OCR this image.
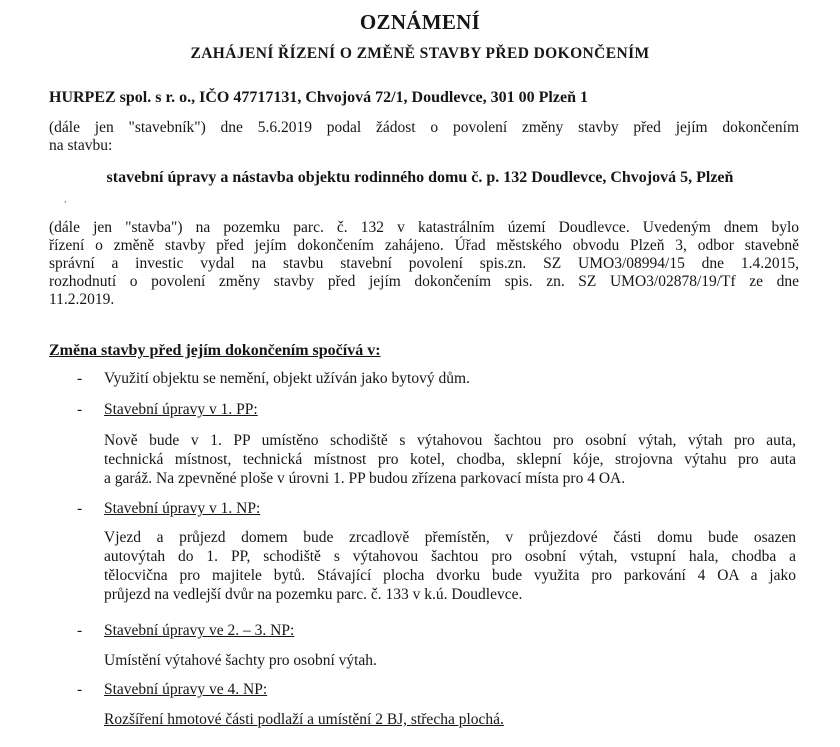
OZNÁMENÍ
ZAHÁJENÍ ŘÍZENÍ O ZMĚNĚ STAVBY PŘED DOKONČENÍM
HURPEZ spol. s r. o., IČO 47717131, Chvojová 72/1, Doudlevce, 301 00 Plzeň 1
(dále jen "stavebník") dne 5.6.2019 podal žádost o povolení změny stavby před jejím dokončením
na stavbu:
stavební úpravy a nástavba objektu rodinného domu č. p. 132 Doudlevce, Chvojová 5, Plzeň
,
(dále jen "stavba") na pozemku parc. č. 132 v katastrálním území Doudlevce. Uvedeným dnem bylo
řízení o změně stavby před jejím dokončením zahájeno. Úřad městského obvodu Plzeň 3, odbor stavebně
správní a investic vydal na stavbu stavební povolení spis.zn. SZ UMO3/08994/15 dne 1.4.2015,
rozhodnutí o povolení změny stavby před jejím dokončením spis. zn. SZ UMO3/02878/19/Tf ze dne
11.2.2019.
Změna stavby před jejím dokončením spočívá v:
- Využití objektu se nemění, objekt užíván jako bytový dům.
- Stavební úpravy v 1. PP:
Nově bude v 1. PP umístěno schodiště s výtahovou šachtou pro osobní výtah, výtah pro auta,
technická místnost, technická místnost pro kotel, chodba, sklepní kóje, strojovna výtahu pro auta
a garáž. Na zpevněné ploše v úrovni 1. PP budou zřízena parkovací místa pro 4 OA.
- Stavební úpravy v 1. NP:
Vjezd a průjezd domem bude zrcadlově přemístěn, v průjezdové části domu bude osazen
autovýtah do 1. PP, schodiště s výtahovou šachtou pro osobní výtah, vstupní hala, chodba a
tělocvična pro majitele bytů. Stávající plocha dvorku bude využita pro parkování 4 OA a jako
průjezd na vedlejší dvůr na pozemku parc. č. 133 v k.ú. Doudlevce.
- Stavební úpravy ve 2. – 3. NP:
Umístění výtahové šachty pro osobní výtah.
- Stavební úpravy ve 4. NP:
Rozšíření hmotové části podlaží a umístění 2 BJ, střecha plochá.
